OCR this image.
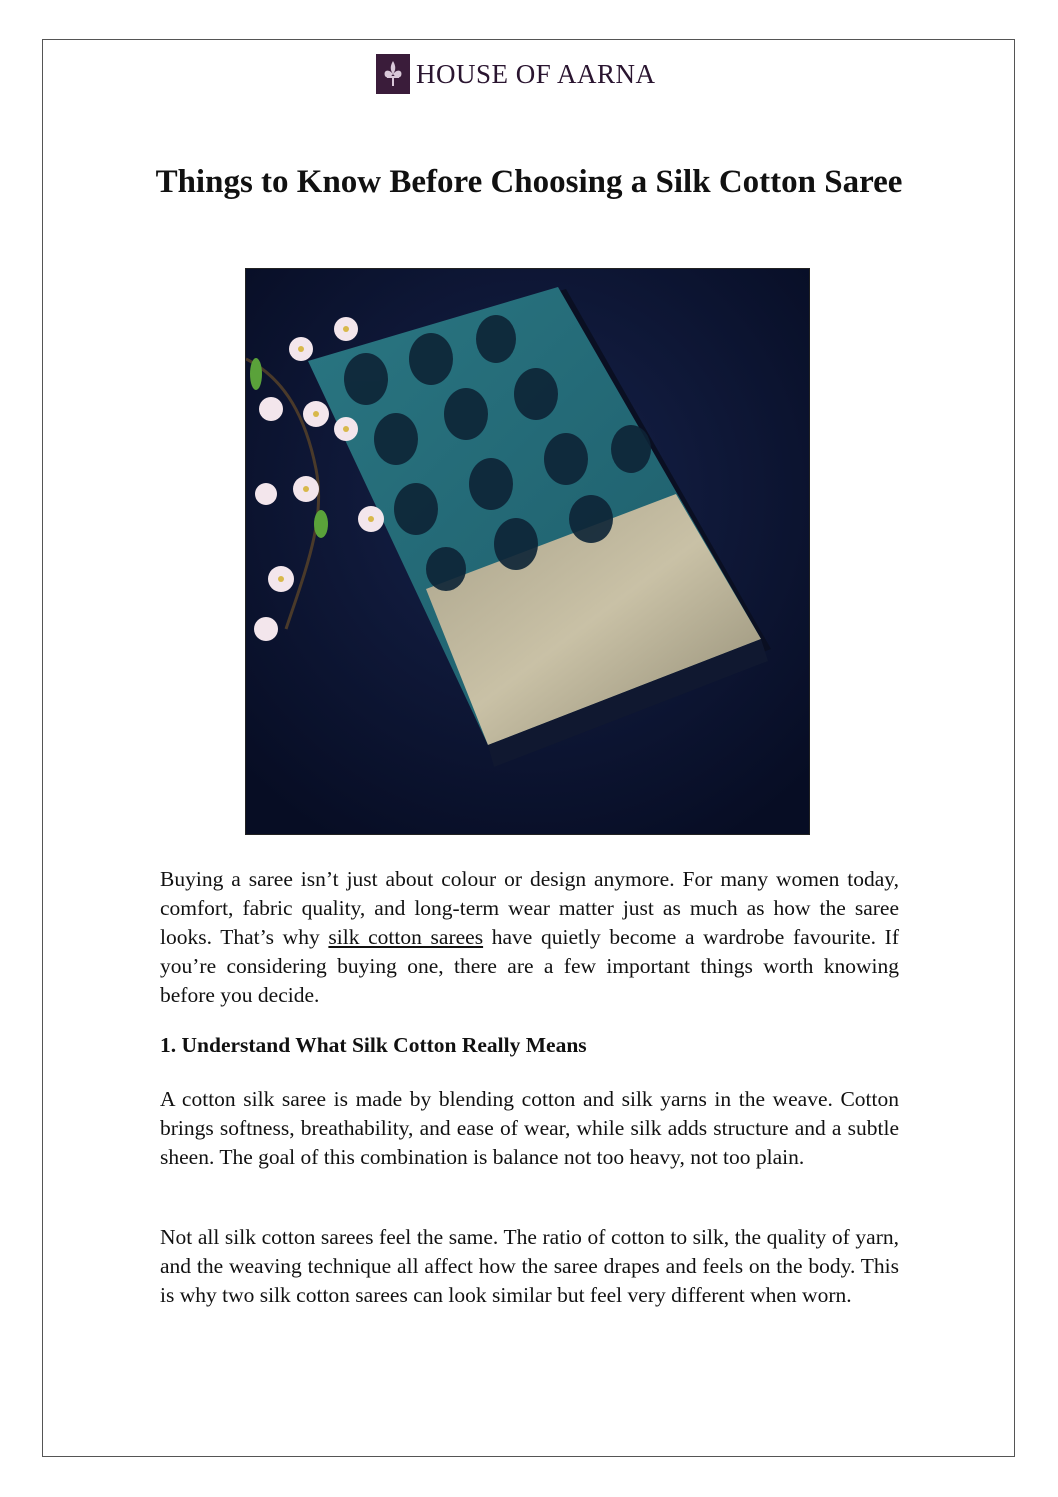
HOUSE OF AARNA
Things to Know Before Choosing a Silk Cotton Saree

Buying a saree isn’t just about colour or design anymore. For many women today, comfort, fabric quality, and long-term wear matter just as much as how the saree looks. That’s why silk cotton sarees have quietly become a wardrobe favourite. If you’re considering buying one, there are a few important things worth knowing before you decide.

1. Understand What Silk Cotton Really Means

A cotton silk saree is made by blending cotton and silk yarns in the weave. Cotton brings softness, breathability, and ease of wear, while silk adds structure and a subtle sheen. The goal of this combination is balance not too heavy, not too plain.

Not all silk cotton sarees feel the same. The ratio of cotton to silk, the quality of yarn, and the weaving technique all affect how the saree drapes and feels on the body. This is why two silk cotton sarees can look similar but feel very different when worn.
